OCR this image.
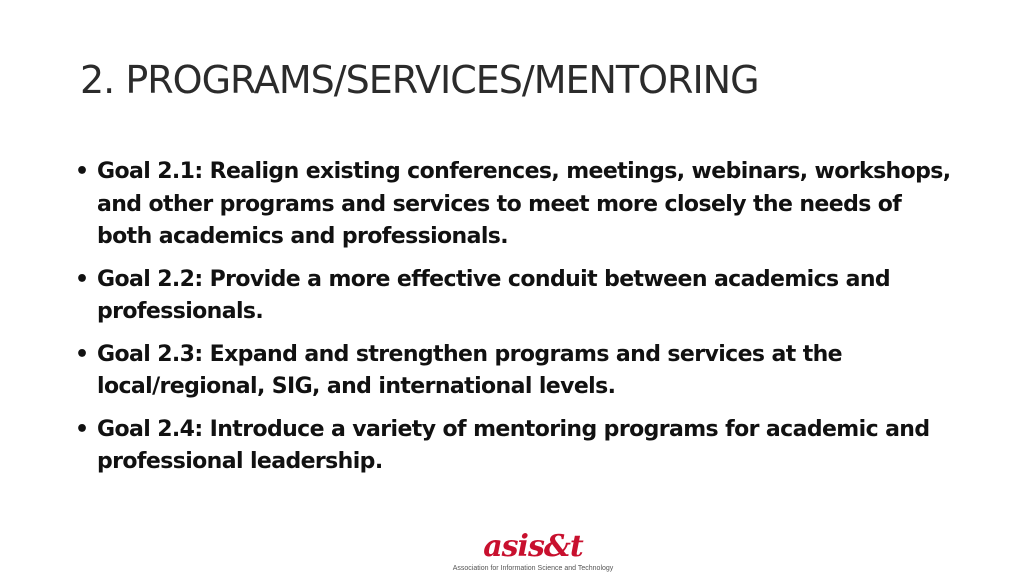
2. PROGRAMS/SERVICES/MENTORING
• Goal 2.1: Realign existing conferences, meetings, webinars, workshops, and other programs and services to meet more closely the needs of both academics and professionals.
• Goal 2.2: Provide a more effective conduit between academics and professionals.
• Goal 2.3: Expand and strengthen programs and services at the local/regional, SIG, and international levels.
• Goal 2.4: Introduce a variety of mentoring programs for academic and professional leadership.
asis&t
Association for Information Science and Technology
